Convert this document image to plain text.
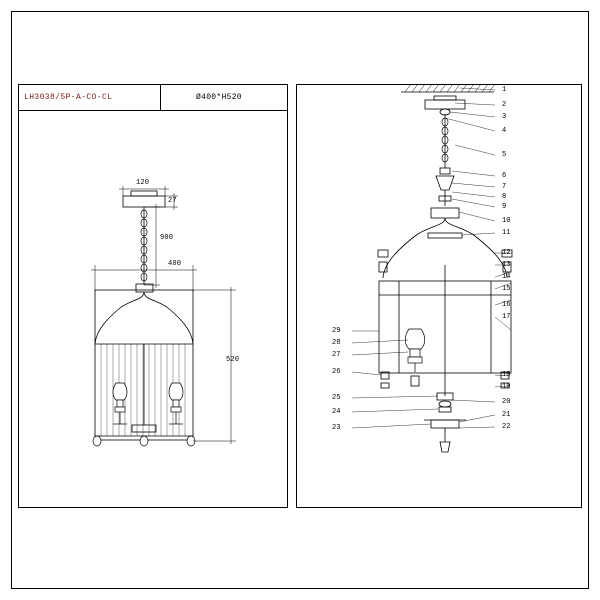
LH3038/5P-A-CO-CL	Ø400*H520
120
27
900
400
520
1
2
3
4
5
6
7
8
9
10
11
12
13
14
15
16
17
18
19
20
21
22
29
28
27
26
25
24
23
